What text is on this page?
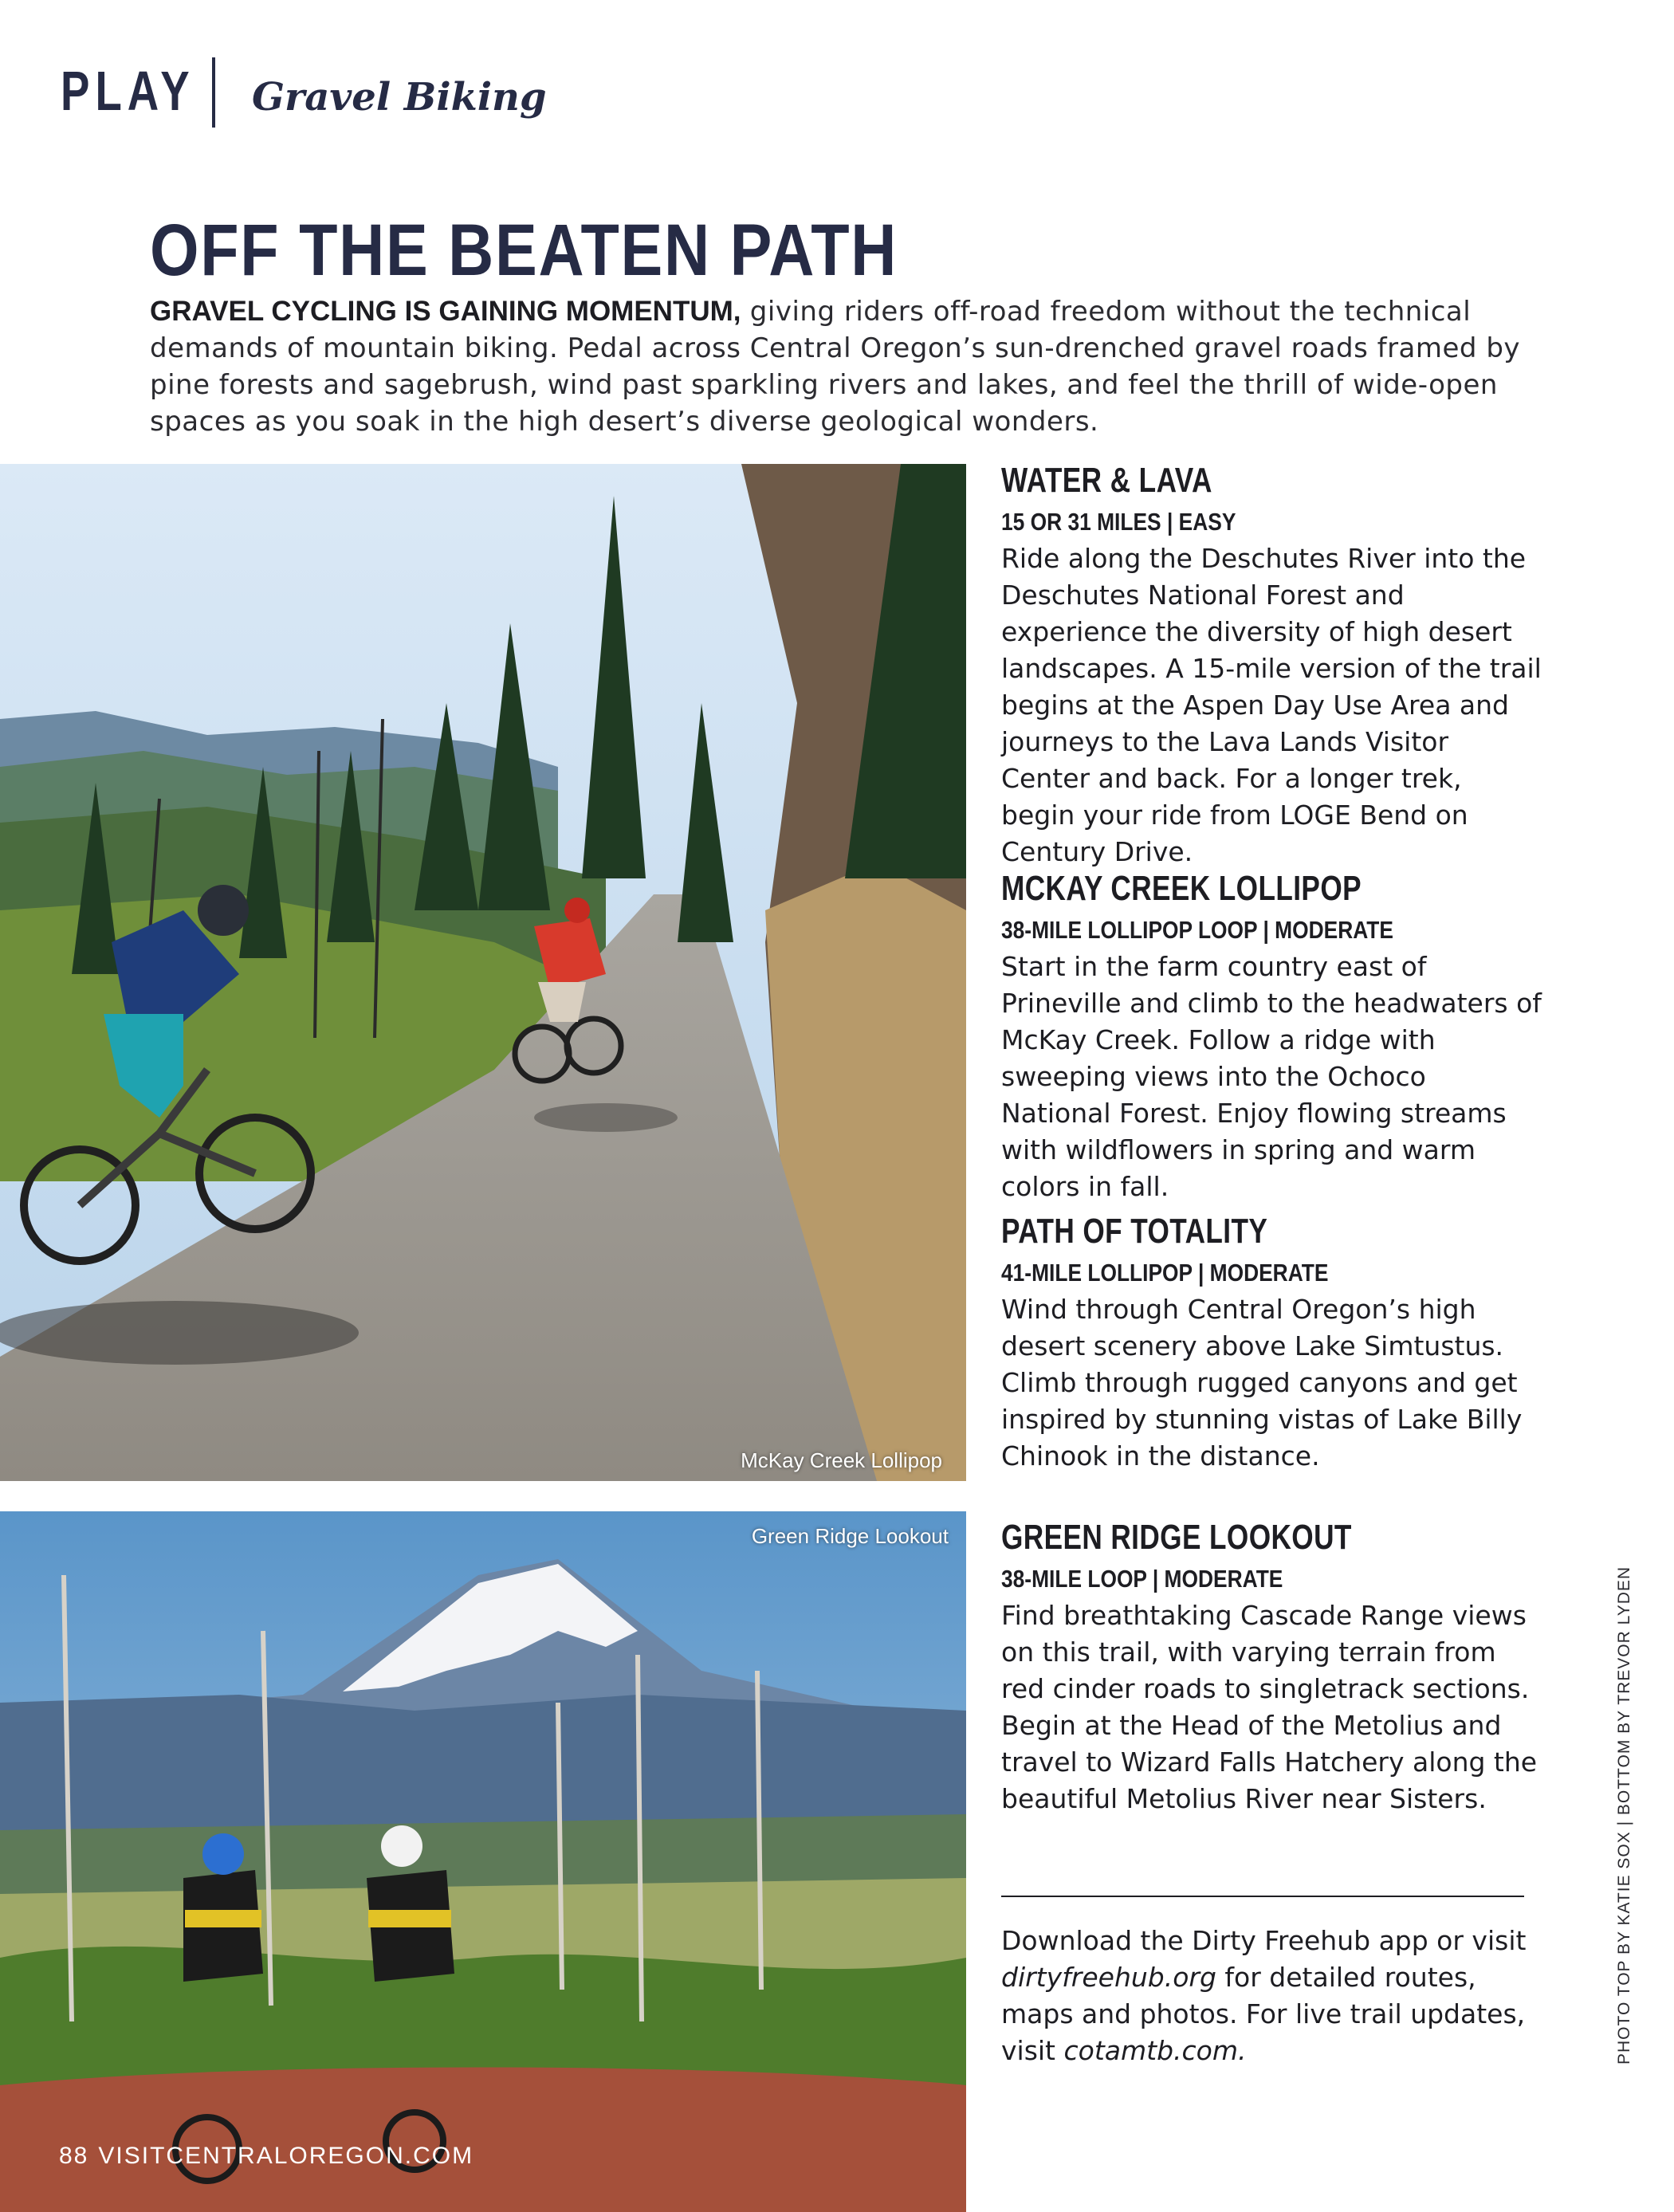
PLAY Gravel Biking
OFF THE BEATEN PATH

GRAVEL CYCLING IS GAINING MOMENTUM, giving riders off-road freedom without the technical demands of mountain biking. Pedal across Central Oregon’s sun-drenched gravel roads framed by pine forests and sagebrush, wind past sparkling rivers and lakes, and feel the thrill of wide-open spaces as you soak in the high desert’s diverse geological wonders.

McKay Creek Lollipop
Green Ridge Lookout
WATER & LAVA
15 OR 31 MILES | EASY

Ride along the Deschutes River into the Deschutes National Forest and experience the diversity of high desert landscapes. A 15-mile version of the trail begins at the Aspen Day Use Area and journeys to the Lava Lands Visitor Center and back. For a longer trek, begin your ride from LOGE Bend on Century Drive.

MCKAY CREEK LOLLIPOP
38-MILE LOLLIPOP LOOP | MODERATE

Start in the farm country east of Prineville and climb to the headwaters of McKay Creek. Follow a ridge with sweeping views into the Ochoco National Forest. Enjoy flowing streams with wildflowers in spring and warm colors in fall.

PATH OF TOTALITY
41-MILE LOLLIPOP | MODERATE

Wind through Central Oregon’s high desert scenery above Lake Simtustus. Climb through rugged canyons and get inspired by stunning vistas of Lake Billy Chinook in the distance.

GREEN RIDGE LOOKOUT
38-MILE LOOP | MODERATE

Find breathtaking Cascade Range views on this trail, with varying terrain from red cinder roads to singletrack sections. Begin at the Head of the Metolius and travel to Wizard Falls Hatchery along the beautiful Metolius River near Sisters.

Download the Dirty Freehub app or visit dirtyfreehub.org for detailed routes, maps and photos. For live trail updates, visit cotamtb.com.	PHOTO TOP BY KATIE SOX | BOTTOM BY TREVOR LYDEN
88 VISITCENTRALOREGON.COM
